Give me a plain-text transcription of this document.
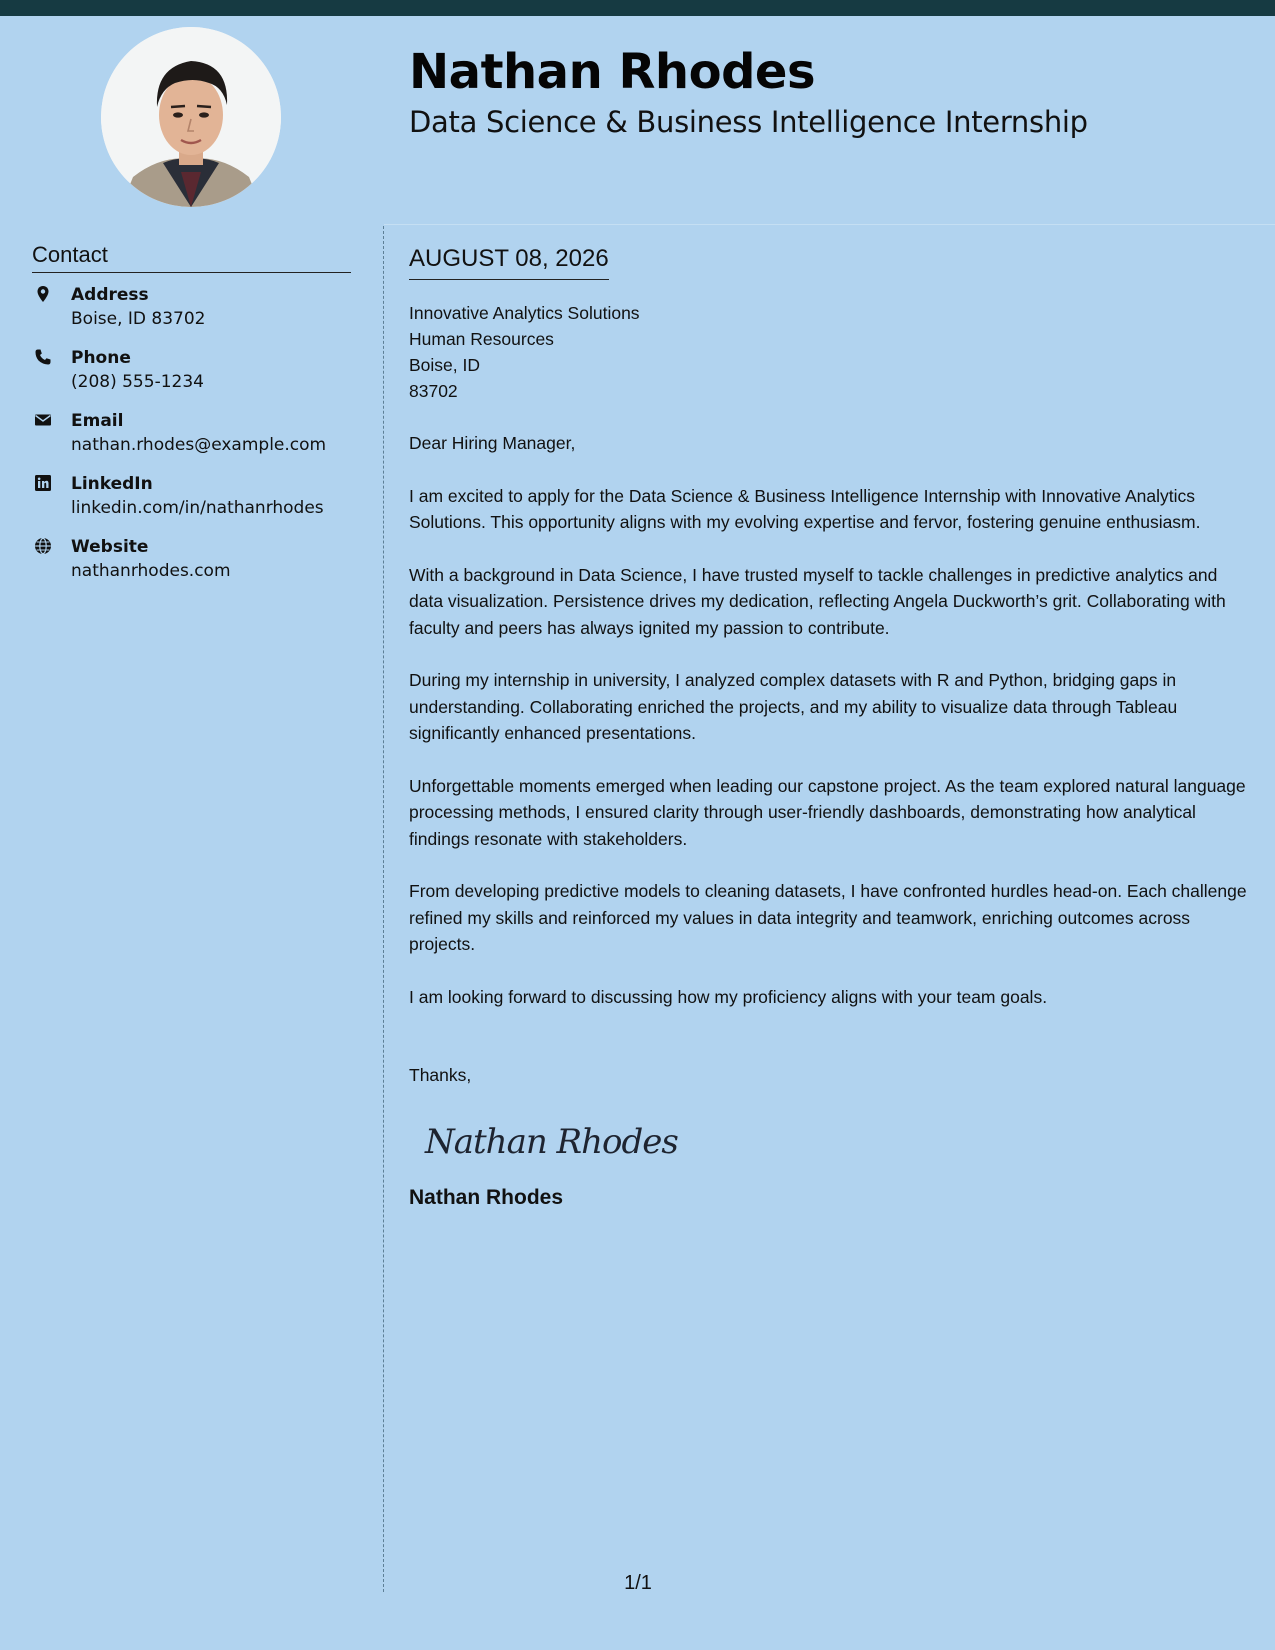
Nathan Rhodes
Data Science & Business Intelligence Internship
Contact
Address
Boise, ID 83702
Phone
(208) 555-1234
Email
nathan.rhodes@example.com
LinkedIn
linkedin.com/in/nathanrhodes
Website
nathanrhodes.com
AUGUST 08, 2026
Innovative Analytics Solutions
Human Resources
Boise, ID
83702
Dear Hiring Manager,
I am excited to apply for the Data Science & Business Intelligence Internship with Innovative Analytics Solutions. This opportunity aligns with my evolving expertise and fervor, fostering genuine enthusiasm.
With a background in Data Science, I have trusted myself to tackle challenges in predictive analytics and data visualization. Persistence drives my dedication, reflecting Angela Duckworth’s grit. Collaborating with faculty and peers has always ignited my passion to contribute.
During my internship in university, I analyzed complex datasets with R and Python, bridging gaps in understanding. Collaborating enriched the projects, and my ability to visualize data through Tableau significantly enhanced presentations.
Unforgettable moments emerged when leading our capstone project. As the team explored natural language processing methods, I ensured clarity through user-friendly dashboards, demonstrating how analytical findings resonate with stakeholders.
From developing predictive models to cleaning datasets, I have confronted hurdles head-on. Each challenge refined my skills and reinforced my values in data integrity and teamwork, enriching outcomes across projects.
I am looking forward to discussing how my proficiency aligns with your team goals.
Thanks,
Nathan Rhodes
Nathan Rhodes
1/1
